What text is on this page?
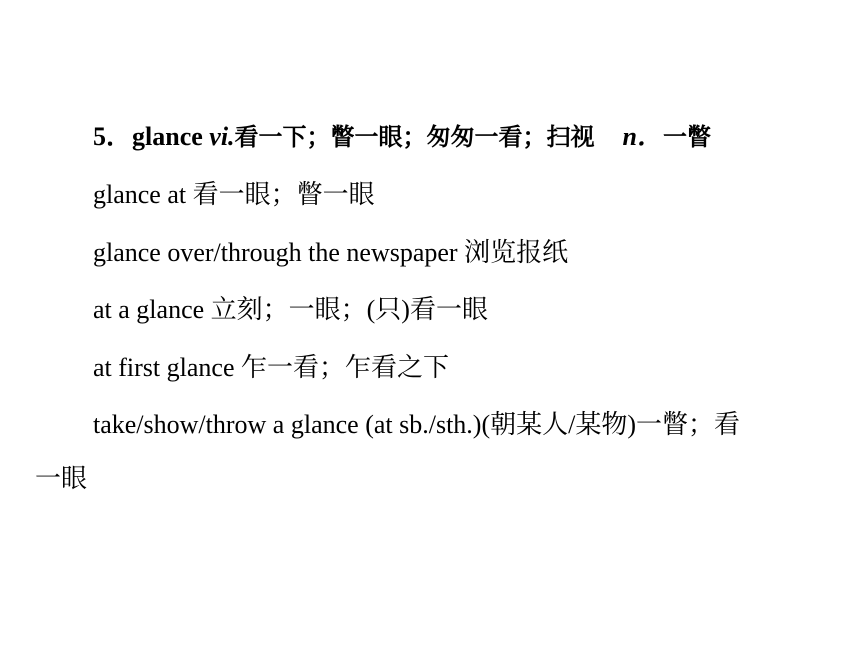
5．glance vi.看一下；瞥一眼；匆匆一看；扫视 n．一瞥
glance at 看一眼；瞥一眼
glance over/through the newspaper 浏览报纸
at a glance 立刻；一眼；(只)看一眼
at first glance 乍一看；乍看之下
take/show/throw a glance (at sb./sth.)(朝某人/某物)一瞥；看
一眼
